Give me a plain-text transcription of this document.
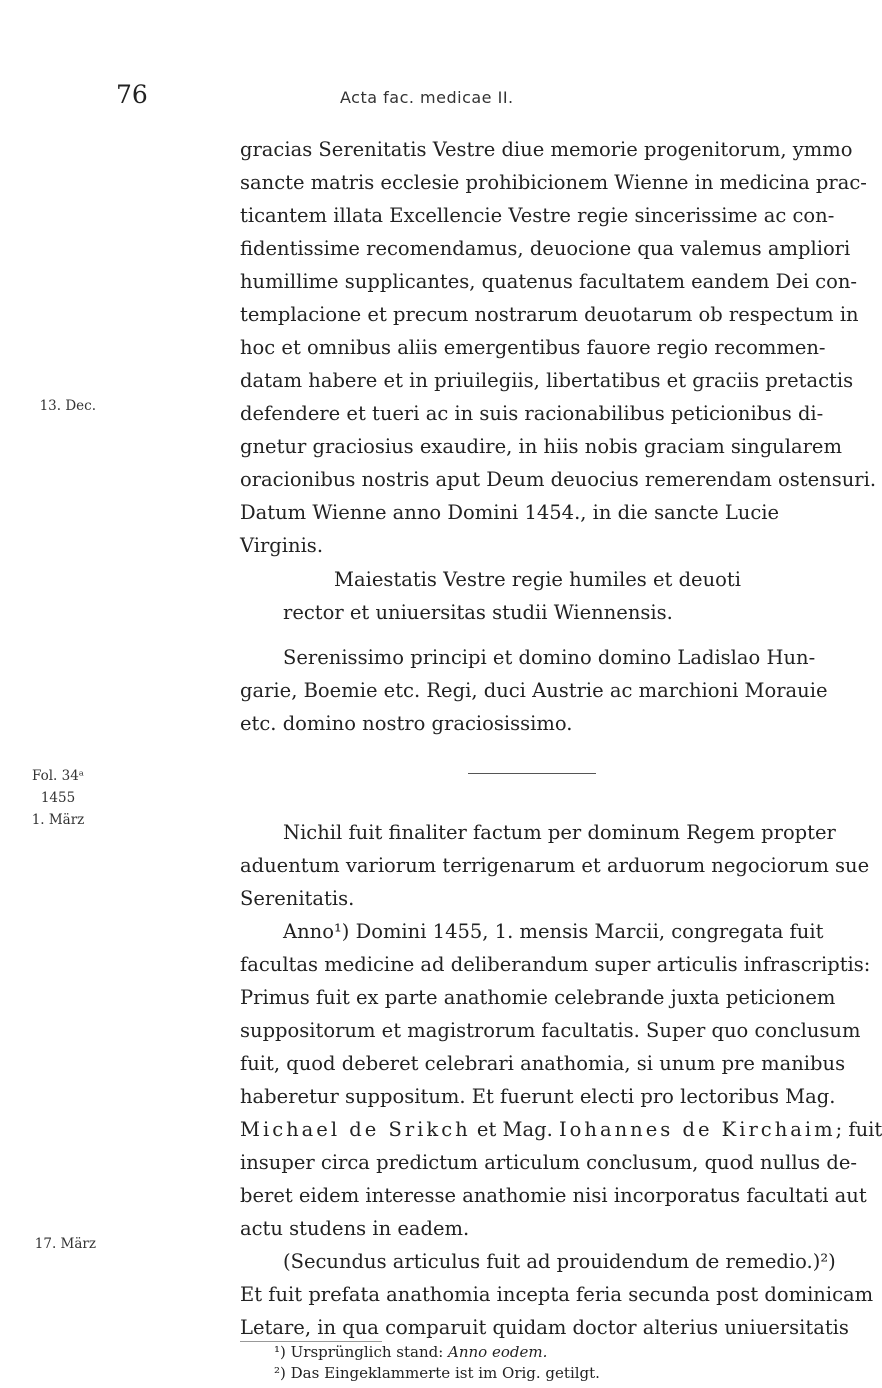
76	Acta fac. medicae II.
13. Dec.
Fol. 34ᵃ
1455
1. März
17. März
gracias Serenitatis Vestre diue memorie progenitorum, ymmo
sancte matris ecclesie prohibicionem Wienne in medicina prac-
ticantem illata Excellencie Vestre regie sincerissime ac con-
fidentissime recomendamus, deuocione qua valemus ampliori
humillime supplicantes, quatenus facultatem eandem Dei con-
templacione et precum nostrarum deuotarum ob respectum in
hoc et omnibus aliis emergentibus fauore regio recommen-
datam habere et in priuilegiis, libertatibus et graciis pretactis
defendere et tueri ac in suis racionabilibus peticionibus di-
gnetur graciosius exaudire, in hiis nobis graciam singularem
oracionibus nostris aput Deum deuocius remerendam ostensuri.
Datum Wienne anno Domini 1454., in die sancte Lucie
Virginis.
Maiestatis Vestre regie humiles et deuoti
rector et uniuersitas studii Wiennensis.
Serenissimo principi et domino domino Ladislao Hun-
garie, Boemie etc. Regi, duci Austrie ac marchioni Morauie
etc. domino nostro graciosissimo.
Nichil fuit finaliter factum per dominum Regem propter
aduentum variorum terrigenarum et arduorum negociorum sue
Serenitatis.
Anno¹) Domini 1455, 1. mensis Marcii, congregata fuit
facultas medicine ad deliberandum super articulis infrascriptis:
Primus fuit ex parte anathomie celebrande juxta peticionem
suppositorum et magistrorum facultatis. Super quo conclusum
fuit, quod deberet celebrari anathomia, si unum pre manibus
haberetur suppositum. Et fuerunt electi pro lectoribus Mag.
Michael de Srikch et Mag. Iohannes de Kirchaim; fuit
insuper circa predictum articulum conclusum, quod nullus de-
beret eidem interesse anathomie nisi incorporatus facultati aut
actu studens in eadem.
(Secundus articulus fuit ad prouidendum de remedio.)²)
Et fuit prefata anathomia incepta feria secunda post dominicam
Letare, in qua comparuit quidam doctor alterius uniuersitatis
¹) Ursprünglich stand: Anno eodem.
²) Das Eingeklammerte ist im Orig. getilgt.
